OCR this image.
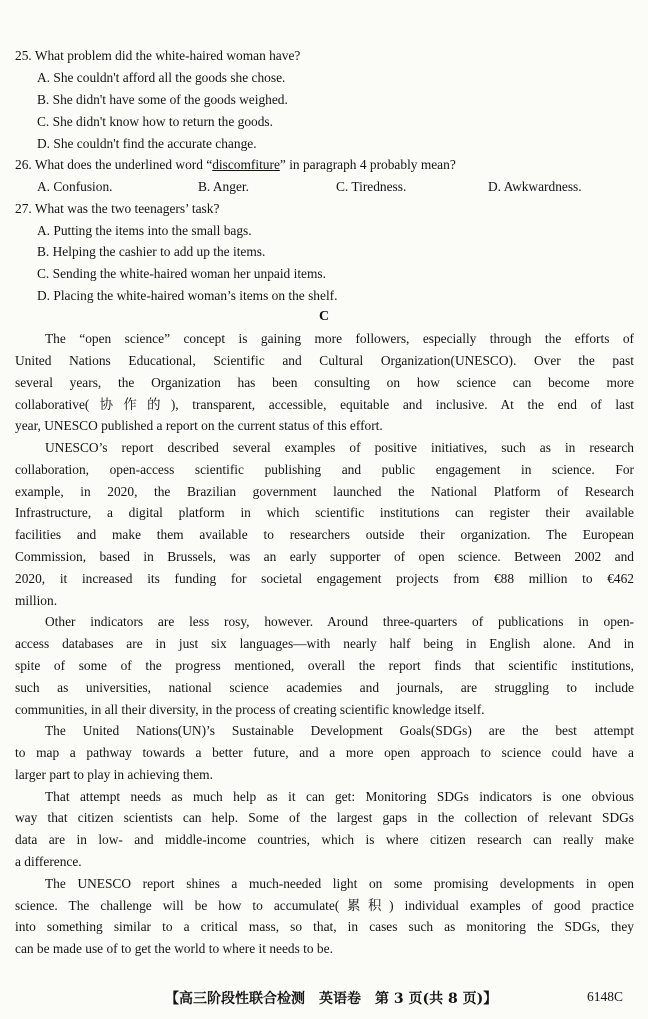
25. What problem did the white-haired woman have?
A. She couldn't afford all the goods she chose.
B. She didn't have some of the goods weighed.
C. She didn't know how to return the goods.
D. She couldn't find the accurate change.
26. What does the underlined word “discomfiture” in paragraph 4 probably mean?
A. Confusion.	B. Anger.	C. Tiredness.	D. Awkwardness.
27. What was the two teenagers’ task?
A. Putting the items into the small bags.
B. Helping the cashier to add up the items.
C. Sending the white-haired woman her unpaid items.
D. Placing the white-haired woman’s items on the shelf.
C
The “open science” concept is gaining more followers, especially through the efforts of
United Nations Educational, Scientific and Cultural Organization(UNESCO). Over the past
several years, the Organization has been consulting on how science can become more
collaborative(协作的), transparent, accessible, equitable and inclusive. At the end of last
year, UNESCO published a report on the current status of this effort.
UNESCO’s report described several examples of positive initiatives, such as in research
collaboration, open-access scientific publishing and public engagement in science. For
example, in 2020, the Brazilian government launched the National Platform of Research
Infrastructure, a digital platform in which scientific institutions can register their available
facilities and make them available to researchers outside their organization. The European
Commission, based in Brussels, was an early supporter of open science. Between 2002 and
2020, it increased its funding for societal engagement projects from €88 million to €462
million.
Other indicators are less rosy, however. Around three-quarters of publications in open-
access databases are in just six languages—with nearly half being in English alone. And in
spite of some of the progress mentioned, overall the report finds that scientific institutions,
such as universities, national science academies and journals, are struggling to include
communities, in all their diversity, in the process of creating scientific knowledge itself.
The United Nations(UN)’s Sustainable Development Goals(SDGs) are the best attempt
to map a pathway towards a better future, and a more open approach to science could have a
larger part to play in achieving them.
That attempt needs as much help as it can get: Monitoring SDGs indicators is one obvious
way that citizen scientists can help. Some of the largest gaps in the collection of relevant SDGs
data are in low- and middle-income countries, which is where citizen research can really make
a difference.
The UNESCO report shines a much-needed light on some promising developments in open
science. The challenge will be how to accumulate(累积) individual examples of good practice
into something similar to a critical mass, so that, in cases such as monitoring the SDGs, they
can be made use of to get the world to where it needs to be.
【高三阶段性联合检测　英语卷　第 3 页(共 8 页)】	6148C
